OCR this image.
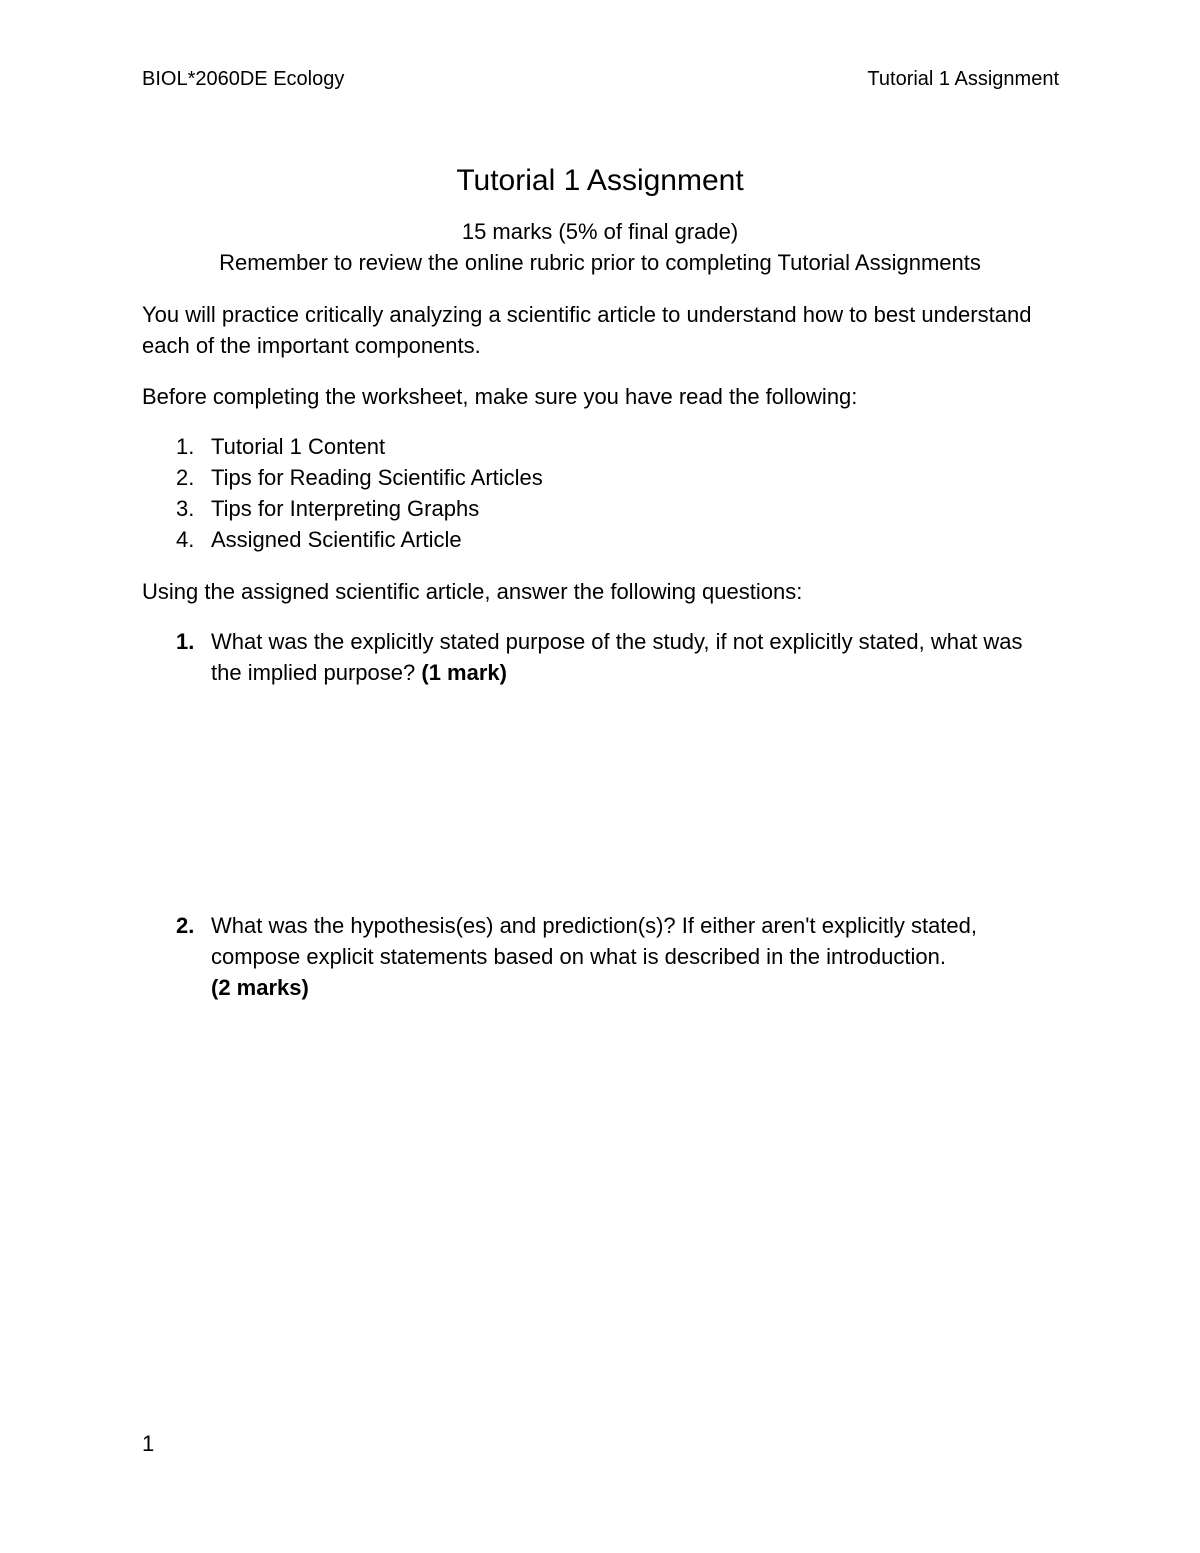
BIOL*2060DE Ecology	Tutorial 1 Assignment
Tutorial 1 Assignment
15 marks (5% of final grade)
Remember to review the online rubric prior to completing Tutorial Assignments
You will practice critically analyzing a scientific article to understand how to best understand each of the important components.
Before completing the worksheet, make sure you have read the following:
1. Tutorial 1 Content
2. Tips for Reading Scientific Articles
3. Tips for Interpreting Graphs
4. Assigned Scientific Article
Using the assigned scientific article, answer the following questions:
1. What was the explicitly stated purpose of the study, if not explicitly stated, what was the implied purpose? (1 mark)
2. What was the hypothesis(es) and prediction(s)? If either aren't explicitly stated, compose explicit statements based on what is described in the introduction.
(2 marks)
1
